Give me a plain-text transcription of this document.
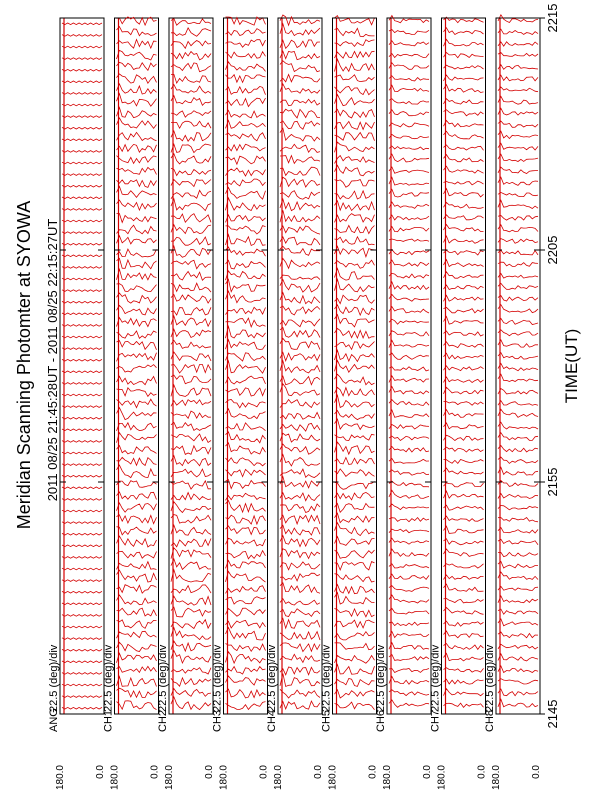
22.5 (deg)/div
ANG
180.0	0.0
22.5 (deg)/div
CH1
180.0	0.0
22.5 (deg)/div
CH2
180.0	0.0
22.5 (deg)/div
CH3
180.0	0.0
22.5 (deg)/div
CH4
180.0	0.0
22.5 (deg)/div
CH5
180.0	0.0
22.5 (deg)/div
CH6
180.0	0.0
22.5 (deg)/div
CH7
180.0	0.0
22.5 (deg)/div
CH8
180.0	0.0
2145
2155
2205
2215
Meridian Scanning Photomter at SYOWA 2011 08/25 21:45:28UT - 2011 08/25 22:15:27UT	TIME(UT)
